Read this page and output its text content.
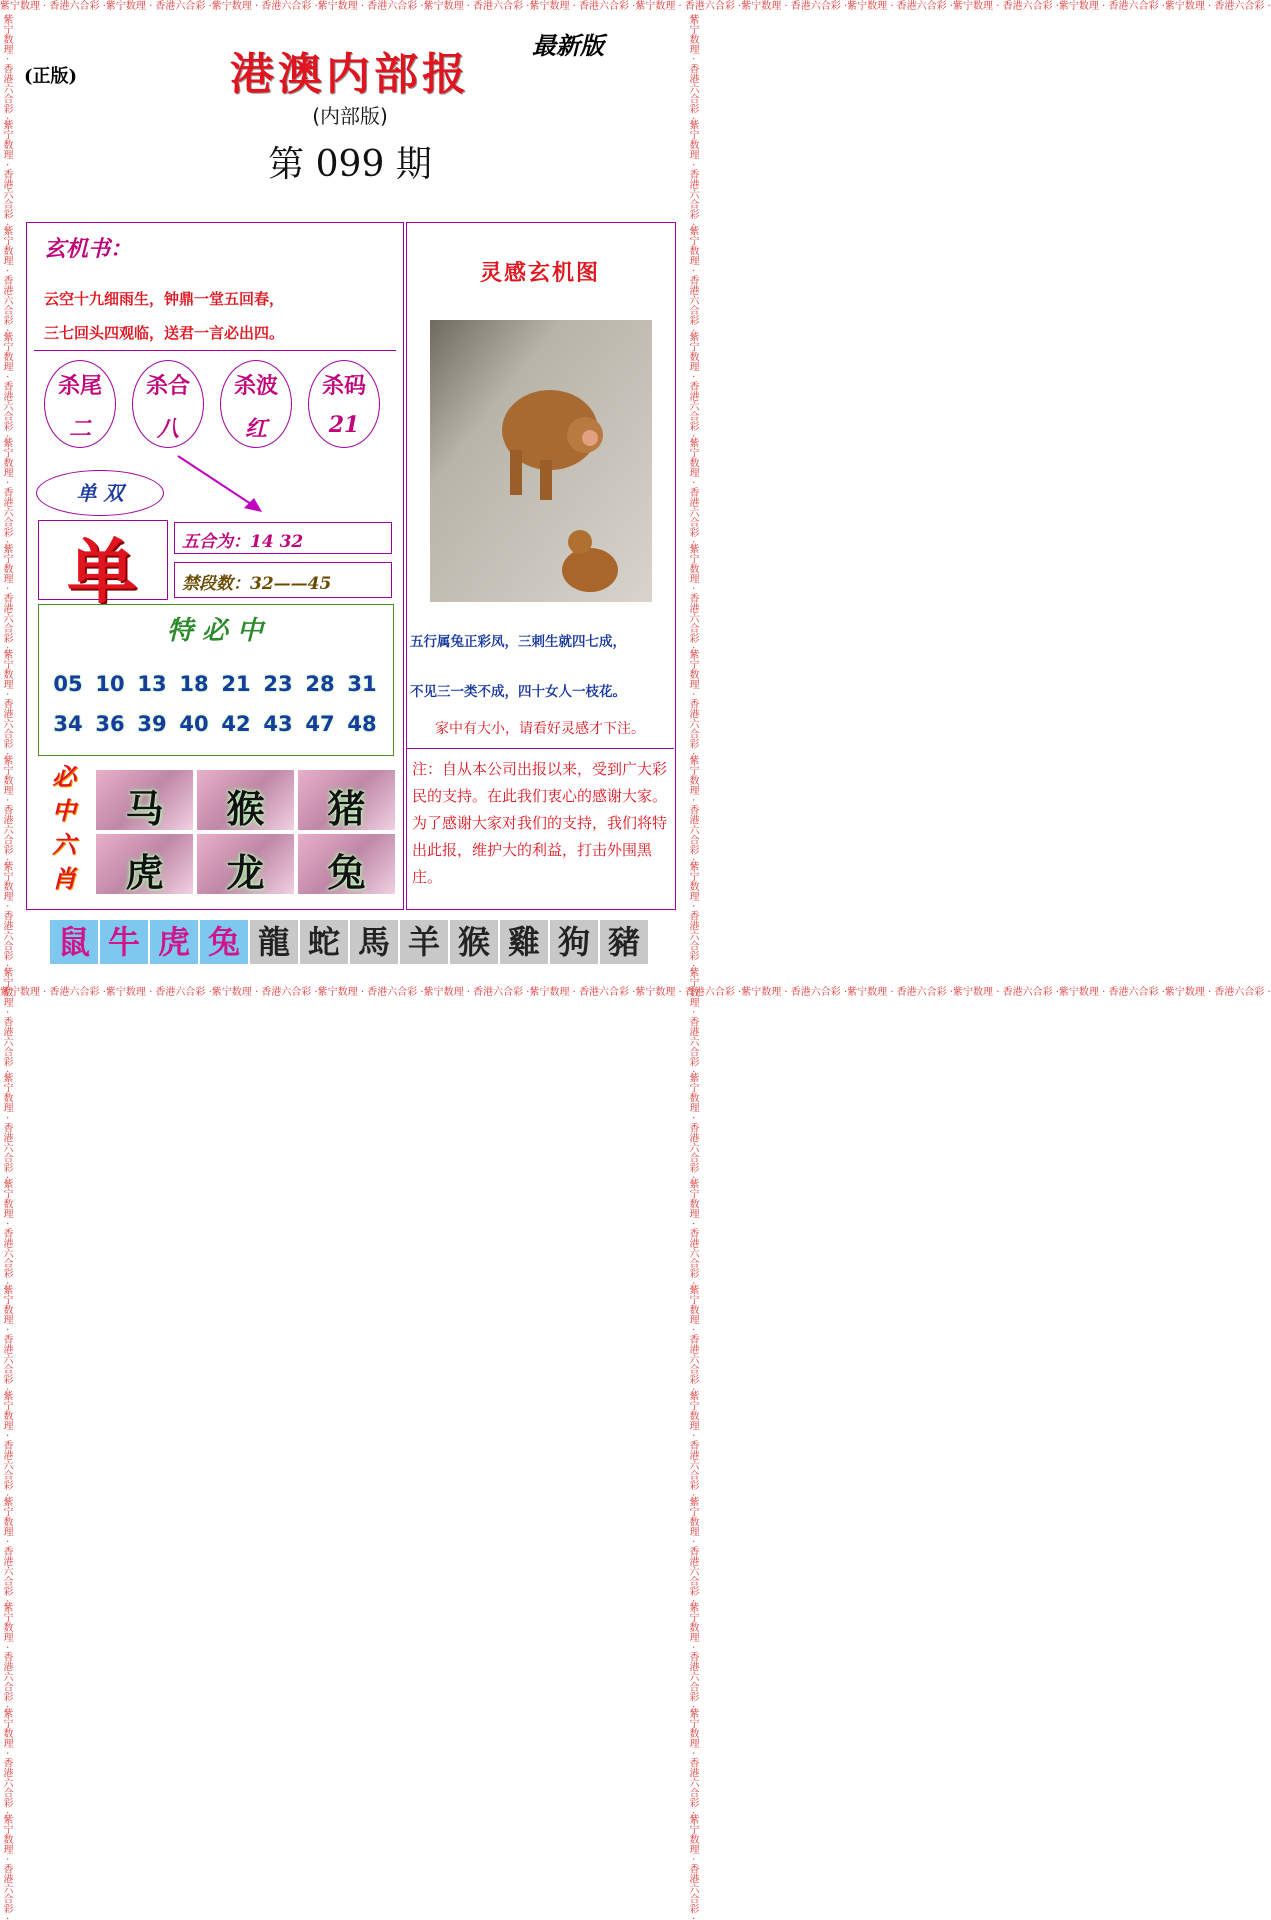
紫宁数理 · 香港六合彩 ·紫宁数理 · 香港六合彩 ·紫宁数理 · 香港六合彩 ·紫宁数理 · 香港六合彩 ·紫宁数理 · 香港六合彩 ·紫宁数理 · 香港六合彩 ·紫宁数理 · 香港六合彩 ·紫宁数理 · 香港六合彩 ·紫宁数理 · 香港六合彩 ·紫宁数理 · 香港六合彩 ·紫宁数理 · 香港六合彩 ·紫宁数理 · 香港六合彩 ·
紫宁数理 · 香港六合彩 ·紫宁数理 · 香港六合彩 ·紫宁数理 · 香港六合彩 ·紫宁数理 · 香港六合彩 ·紫宁数理 · 香港六合彩 ·紫宁数理 · 香港六合彩 ·紫宁数理 · 香港六合彩 ·紫宁数理 · 香港六合彩 ·紫宁数理 · 香港六合彩 ·紫宁数理 · 香港六合彩 ·紫宁数理 · 香港六合彩 ·紫宁数理 · 香港六合彩 ·
紫宁数理 · 香港六合彩 ·紫宁数理 · 香港六合彩 ·紫宁数理 · 香港六合彩 ·紫宁数理 · 香港六合彩 ·紫宁数理 · 香港六合彩 ·紫宁数理 · 香港六合彩 ·紫宁数理 · 香港六合彩 ·紫宁数理 · 香港六合彩 ·紫宁数理 · 香港六合彩 ·紫宁数理 · 香港六合彩 ·紫宁数理 · 香港六合彩 ·紫宁数理 · 香港六合彩 ·紫宁数理 · 香港六合彩 ·紫宁数理 · 香港六合彩 ·紫宁数理 · 香港六合彩 ·紫宁数理 · 香港六合彩 ·紫宁数理 · 香港六合彩 ·紫宁数理 · 香港六合彩 ·	紫宁数理 · 香港六合彩 ·紫宁数理 · 香港六合彩 ·紫宁数理 · 香港六合彩 ·紫宁数理 · 香港六合彩 ·紫宁数理 · 香港六合彩 ·紫宁数理 · 香港六合彩 ·紫宁数理 · 香港六合彩 ·紫宁数理 · 香港六合彩 ·紫宁数理 · 香港六合彩 ·紫宁数理 · 香港六合彩 ·紫宁数理 · 香港六合彩 ·紫宁数理 · 香港六合彩 ·紫宁数理 · 香港六合彩 ·紫宁数理 · 香港六合彩 ·紫宁数理 · 香港六合彩 ·紫宁数理 · 香港六合彩 ·紫宁数理 · 香港六合彩 ·紫宁数理 · 香港六合彩 ·
(正版)
最新版
港澳内部报
(内部版)
第 099 期
玄机书：
云空十九细雨生，钟鼎一堂五回春，
三七回头四观临，送君一言必出四。
杀尾
二
杀合
八
杀波
红
杀码
21
单 双
单	五合为：14 32
禁段数：32——45
特 必 中
05 10 13 18 21 23 28 31
34 36 39 40 42 43 47 48
必
中
六
肖
马	猴	猪
虎	龙	兔
灵感玄机图
五行属兔正彩凤，三刺生就四七成，
不见三一类不成，四十女人一枝花。
家中有大小，请看好灵感才下注。
注：自从本公司出报以来，受到广大彩民的支持。在此我们衷心的感谢大家。为了感谢大家对我们的支持，我们将特出此报，维护大的利益，打击外围黑庄。
鼠 牛 虎 兔 龍 蛇 馬 羊 猴 雞 狗 豬
